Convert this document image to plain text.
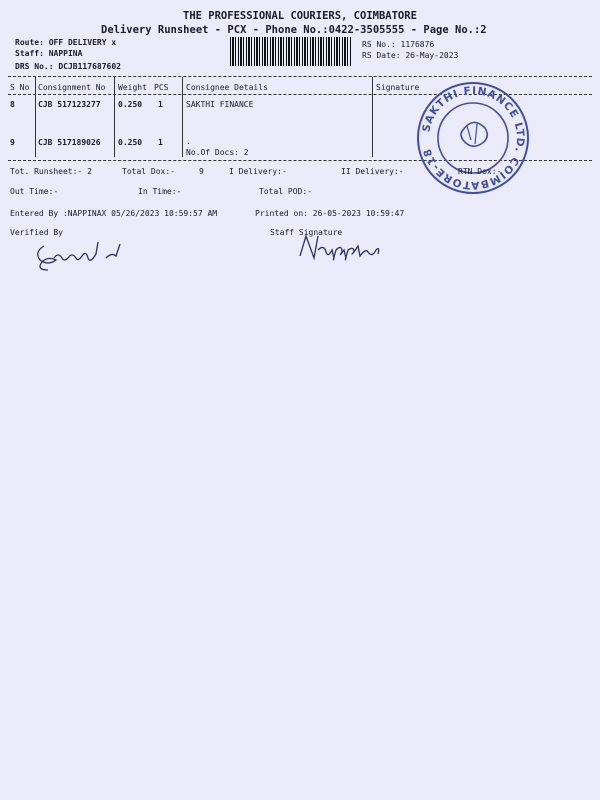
THE PROFESSIONAL COURIERS, COIMBATORE
Delivery Runsheet - PCX - Phone No.:0422-3505555 - Page No.:2
Route: OFF DELIVERY x
Staff: NAPPINA
DRS No.: DCJB117687602
RS No.: 1176876
RS Date: 26-May-2023
S No Consignment No Weight PCS Consignee Details	Signature
8	CJB 517123277 0.250 1	SAKTHI FINANCE
9	CJB 517189026 0.250 1	.
No.Of Docs: 2
SAKTHI FINANCE LTD. COIMBATORE-18
Tot. Runsheet:- 2	Total Dox:-	9	I Delivery:-	II Delivery:-	RTN Dox:-
Out Time:-	In Time:-	Total POD:-
Entered By :NAPPINAX 05/26/2023 10:59:57 AM	Printed on: 26-05-2023 10:59:47
Verified By	Staff Signature
